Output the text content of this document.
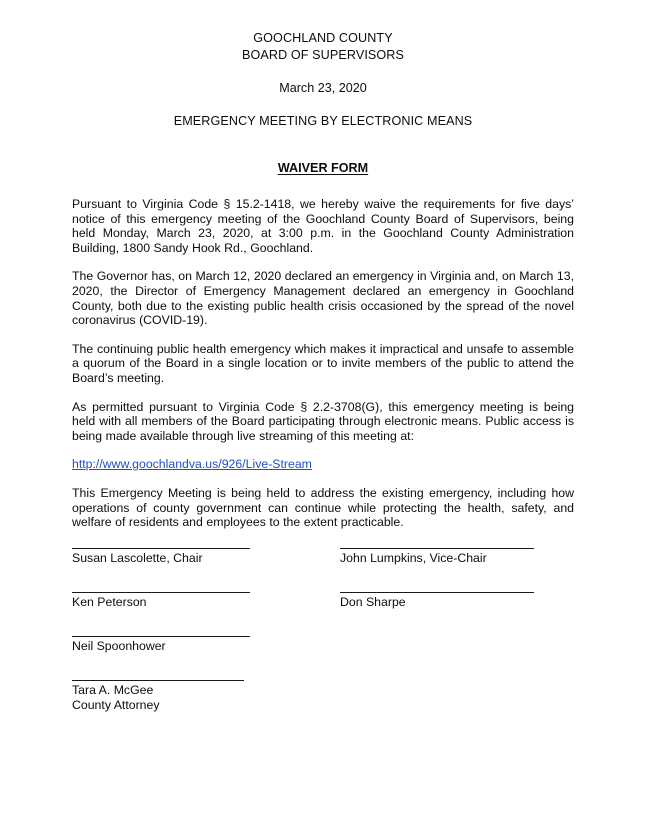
GOOCHLAND COUNTY
BOARD OF SUPERVISORS
March 23, 2020
EMERGENCY MEETING BY ELECTRONIC MEANS
WAIVER FORM

Pursuant to Virginia Code § 15.2-1418, we hereby waive the requirements for five days’ notice of this emergency meeting of the Goochland County Board of Supervisors, being held Monday, March 23, 2020, at 3:00 p.m. in the Goochland County Administration Building, 1800 Sandy Hook Rd., Goochland.

The Governor has, on March 12, 2020 declared an emergency in Virginia and, on March 13, 2020, the Director of Emergency Management declared an emergency in Goochland County, both due to the existing public health crisis occasioned by the spread of the novel coronavirus (COVID-19).

The continuing public health emergency which makes it impractical and unsafe to assemble a quorum of the Board in a single location or to invite members of the public to attend the Board’s meeting.

As permitted pursuant to Virginia Code § 2.2-3708(G), this emergency meeting is being held with all members of the Board participating through electronic means. Public access is being made available through live streaming of this meeting at:

http://www.goochlandva.us/926/Live-Stream

This Emergency Meeting is being held to address the existing emergency, including how operations of county government can continue while protecting the health, safety, and welfare of residents and employees to the extent practicable.

Susan Lascolette, Chair	John Lumpkins, Vice-Chair
Ken Peterson	Don Sharpe
Neil Spoonhower
Tara A. McGee
County Attorney
